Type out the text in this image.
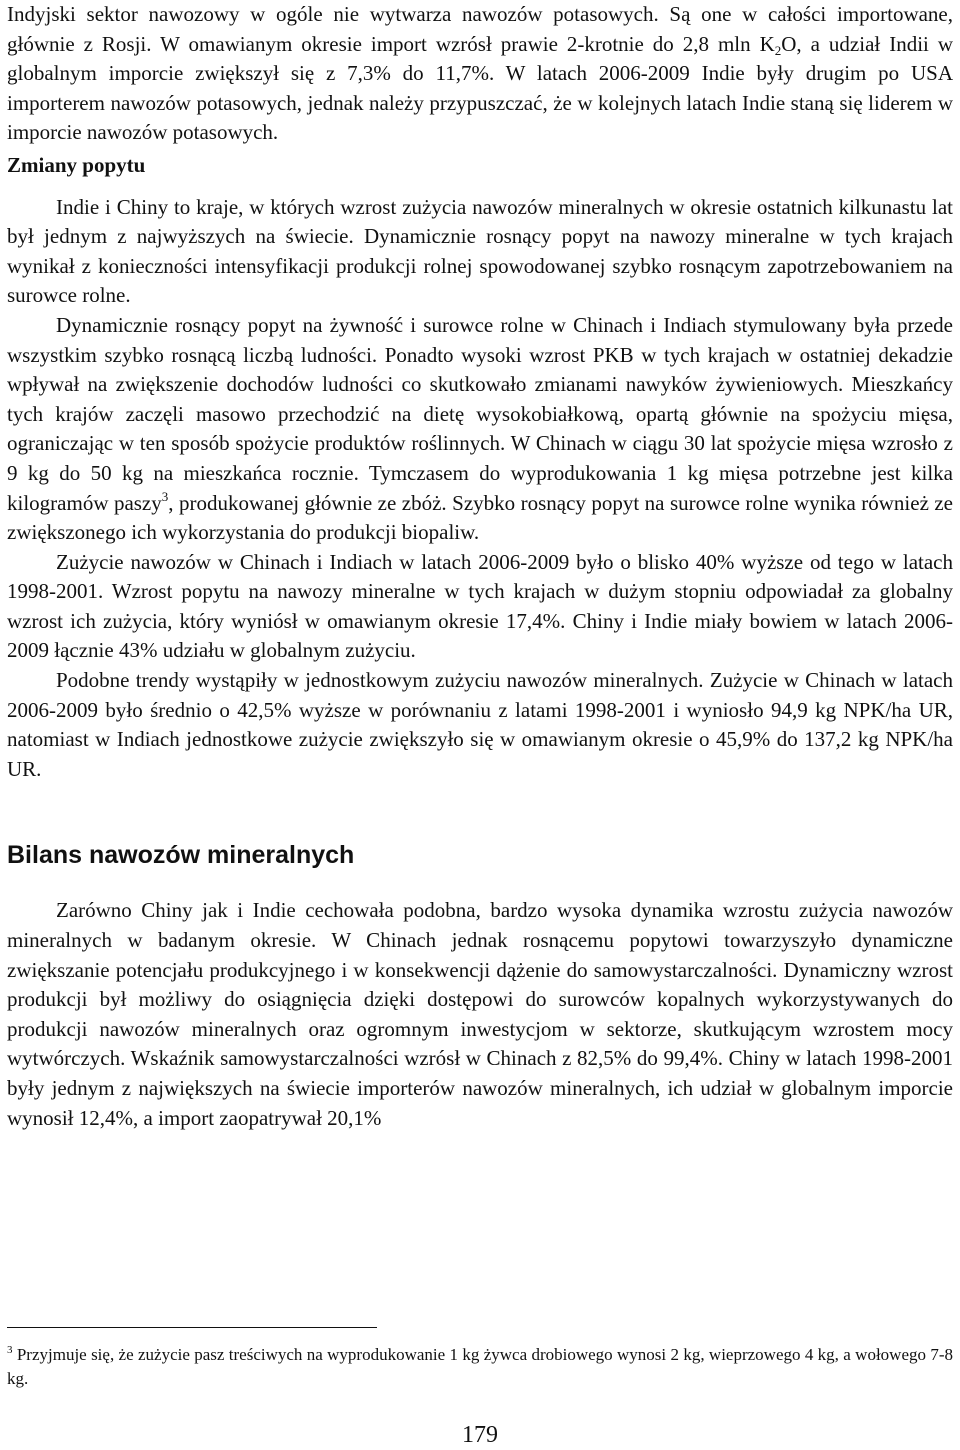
Indyjski sektor nawozowy w ogóle nie wytwarza nawozów potasowych. Są one w całości importowane, głównie z Rosji. W omawianym okresie import wzrósł prawie 2-krotnie do 2,8 mln $K_2O$, a udział Indii w globalnym imporcie zwiększył się z 7,3% do 11,7%. W latach 2006-2009 Indie były drugim po USA importerem nawozów potasowych, jednak należy przypuszczać, że w kolejnych latach Indie staną się liderem w imporcie nawozów potasowych.

Zmiany popytu

Indie i Chiny to kraje, w których wzrost zużycia nawozów mineralnych w okresie ostatnich kilkunastu lat był jednym z najwyższych na świecie. Dynamicznie rosnący popyt na nawozy mineralne w tych krajach wynikał z konieczności intensyfikacji produkcji rolnej spowodowanej szybko rosnącym zapotrzebowaniem na surowce rolne.

Dynamicznie rosnący popyt na żywność i surowce rolne w Chinach i Indiach stymulowany była przede wszystkim szybko rosnącą liczbą ludności. Ponadto wysoki wzrost PKB w tych krajach w ostatniej dekadzie wpływał na zwiększenie dochodów ludności co skutkowało zmianami nawyków żywieniowych. Mieszkańcy tych krajów zaczęli masowo przechodzić na dietę wysokobiałkową, opartą głównie na spożyciu mięsa, ograniczając w ten sposób spożycie produktów roślinnych. W Chinach w ciągu 30 lat spożycie mięsa wzrosło z 9 kg do 50 kg na mieszkańca rocznie. Tymczasem do wyprodukowania 1 kg mięsa potrzebne jest kilka kilogramów paszy$^3$, produkowanej głównie ze zbóż. Szybko rosnący popyt na surowce rolne wynika również ze zwiększonego ich wykorzystania do produkcji biopaliw.

Zużycie nawozów w Chinach i Indiach w latach 2006-2009 było o blisko 40% wyższe od tego w latach 1998-2001. Wzrost popytu na nawozy mineralne w tych krajach w dużym stopniu odpowiadał za globalny wzrost ich zużycia, który wyniósł w omawianym okresie 17,4%. Chiny i Indie miały bowiem w latach 2006-2009 łącznie 43% udziału w globalnym zużyciu.

Podobne trendy wystąpiły w jednostkowym zużyciu nawozów mineralnych. Zużycie w Chinach w latach 2006-2009 było średnio o 42,5% wyższe w porównaniu z latami 1998-2001 i wyniosło 94,9 kg NPK/ha UR, natomiast w Indiach jednostkowe zużycie zwiększyło się w omawianym okresie o 45,9% do 137,2 kg NPK/ha UR.

Bilans nawozów mineralnych

Zarówno Chiny jak i Indie cechowała podobna, bardzo wysoka dynamika wzrostu zużycia nawozów mineralnych w badanym okresie. W Chinach jednak rosnącemu popytowi towarzyszyło dynamiczne zwiększanie potencjału produkcyjnego i w konsekwencji dążenie do samowystarczalności. Dynamiczny wzrost produkcji był możliwy do osiągnięcia dzięki dostępowi do surowców kopalnych wykorzystywanych do produkcji nawozów mineralnych oraz ogromnym inwestycjom w sektorze, skutkującym wzrostem mocy wytwórczych. Wskaźnik samowystarczalności wzrósł w Chinach z 82,5% do 99,4%. Chiny w latach 1998-2001 były jednym z największych na świecie importerów nawozów mineralnych, ich udział w globalnym imporcie wynosił 12,4%, a import zaopatrywał 20,1%

$^3$ Przyjmuje się, że zużycie pasz treściwych na wyprodukowanie 1 kg żywca drobiowego wynosi 2 kg, wieprzowego 4 kg, a wołowego 7-8 kg.

179
